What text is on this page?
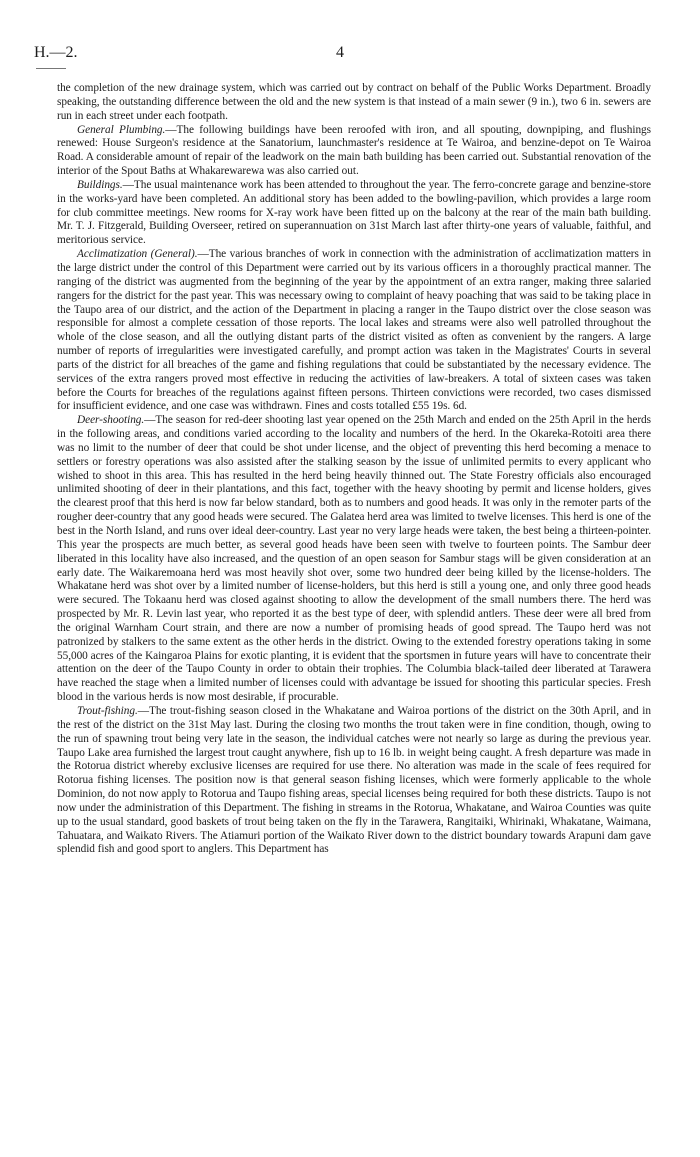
H.—2.	4

the completion of the new drainage system, which was carried out by contract on behalf of the Public Works Department. Broadly speaking, the outstanding difference between the old and the new system is that instead of a main sewer (9 in.), two 6 in. sewers are run in each street under each footpath.

General Plumbing.—The following buildings have been reroofed with iron, and all spouting, downpiping, and flushings renewed: House Surgeon's residence at the Sanatorium, launchmaster's residence at Te Wairoa, and benzine-depot on Te Wairoa Road. A considerable amount of repair of the leadwork on the main bath building has been carried out. Substantial renovation of the interior of the Spout Baths at Whakarewarewa was also carried out.

Buildings.—The usual maintenance work has been attended to throughout the year. The ferro-concrete garage and benzine-store in the works-yard have been completed. An additional story has been added to the bowling-pavilion, which provides a large room for club committee meetings. New rooms for X-ray work have been fitted up on the balcony at the rear of the main bath building. Mr. T. J. Fitzgerald, Building Overseer, retired on superannuation on 31st March last after thirty-one years of valuable, faithful, and meritorious service.

Acclimatization (General).—The various branches of work in connection with the administration of acclimatization matters in the large district under the control of this Department were carried out by its various officers in a thoroughly practical manner. The ranging of the district was augmented from the beginning of the year by the appointment of an extra ranger, making three salaried rangers for the district for the past year. This was necessary owing to complaint of heavy poaching that was said to be taking place in the Taupo area of our district, and the action of the Department in placing a ranger in the Taupo district over the close season was responsible for almost a complete cessation of those reports. The local lakes and streams were also well patrolled throughout the whole of the close season, and all the outlying distant parts of the district visited as often as convenient by the rangers. A large number of reports of irregularities were investigated carefully, and prompt action was taken in the Magistrates' Courts in several parts of the district for all breaches of the game and fishing regulations that could be substantiated by the necessary evidence. The services of the extra rangers proved most effective in reducing the activities of law-breakers. A total of sixteen cases was taken before the Courts for breaches of the regulations against fifteen persons. Thirteen convictions were recorded, two cases dismissed for insufficient evidence, and one case was withdrawn. Fines and costs totalled £55 19s. 6d.

Deer-shooting.—The season for red-deer shooting last year opened on the 25th March and ended on the 25th April in the herds in the following areas, and conditions varied according to the locality and numbers of the herd. In the Okareka-Rotoiti area there was no limit to the number of deer that could be shot under license, and the object of preventing this herd becoming a menace to settlers or forestry operations was also assisted after the stalking season by the issue of unlimited permits to every applicant who wished to shoot in this area. This has resulted in the herd being heavily thinned out. The State Forestry officials also encouraged unlimited shooting of deer in their plantations, and this fact, together with the heavy shooting by permit and license holders, gives the clearest proof that this herd is now far below standard, both as to numbers and good heads. It was only in the remoter parts of the rougher deer-country that any good heads were secured. The Galatea herd area was limited to twelve licenses. This herd is one of the best in the North Island, and runs over ideal deer-country. Last year no very large heads were taken, the best being a thirteen-pointer. This year the prospects are much better, as several good heads have been seen with twelve to fourteen points. The Sambur deer liberated in this locality have also increased, and the question of an open season for Sambur stags will be given consideration at an early date. The Waikaremoana herd was most heavily shot over, some two hundred deer being killed by the license-holders. The Whakatane herd was shot over by a limited number of license-holders, but this herd is still a young one, and only three good heads were secured. The Tokaanu herd was closed against shooting to allow the development of the small numbers there. The herd was prospected by Mr. R. Levin last year, who reported it as the best type of deer, with splendid antlers. These deer were all bred from the original Warnham Court strain, and there are now a number of promising heads of good spread. The Taupo herd was not patronized by stalkers to the same extent as the other herds in the district. Owing to the extended forestry operations taking in some 55,000 acres of the Kaingaroa Plains for exotic planting, it is evident that the sportsmen in future years will have to concentrate their attention on the deer of the Taupo County in order to obtain their trophies. The Columbia black-tailed deer liberated at Tarawera have reached the stage when a limited number of licenses could with advantage be issued for shooting this particular species. Fresh blood in the various herds is now most desirable, if procurable.

Trout-fishing.—The trout-fishing season closed in the Whakatane and Wairoa portions of the district on the 30th April, and in the rest of the district on the 31st May last. During the closing two months the trout taken were in fine condition, though, owing to the run of spawning trout being very late in the season, the individual catches were not nearly so large as during the previous year. Taupo Lake area furnished the largest trout caught anywhere, fish up to 16 lb. in weight being caught. A fresh departure was made in the Rotorua district whereby exclusive licenses are required for use there. No alteration was made in the scale of fees required for Rotorua fishing licenses. The position now is that general season fishing licenses, which were formerly applicable to the whole Dominion, do not now apply to Rotorua and Taupo fishing areas, special licenses being required for both these districts. Taupo is not now under the administration of this Department. The fishing in streams in the Rotorua, Whakatane, and Wairoa Counties was quite up to the usual standard, good baskets of trout being taken on the fly in the Tarawera, Rangitaiki, Whirinaki, Whakatane, Waimana, Tahuatara, and Waikato Rivers. The Atiamuri portion of the Waikato River down to the district boundary towards Arapuni dam gave splendid fish and good sport to anglers. This Department has
